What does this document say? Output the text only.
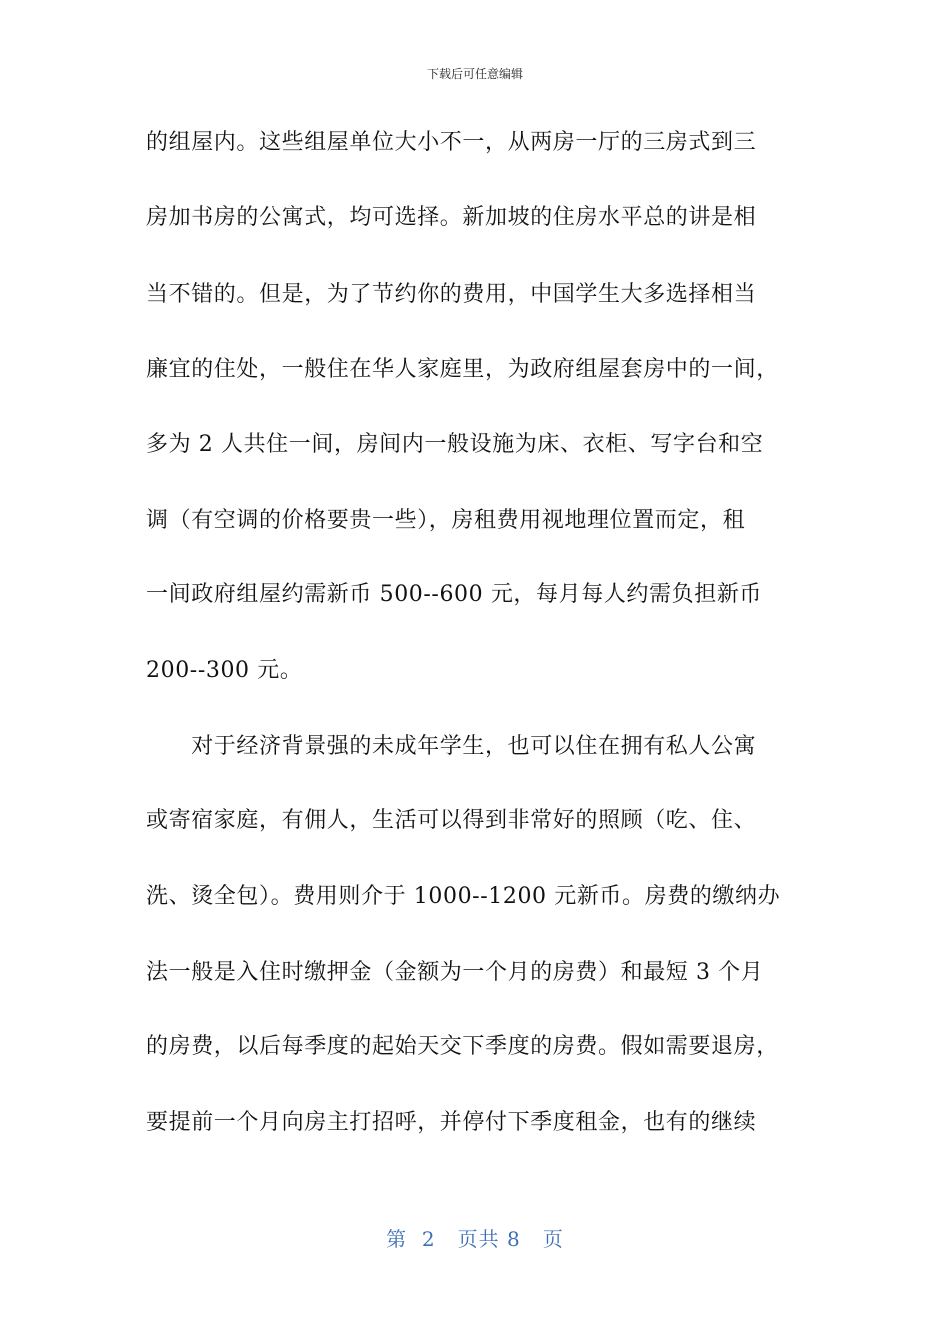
下载后可任意编辑
的组屋内。这些组屋单位大小不一，从两房一厅的三房式到三
房加书房的公寓式，均可选择。新加坡的住房水平总的讲是相
当不错的。但是，为了节约你的费用，中国学生大多选择相当
廉宜的住处，一般住在华人家庭里，为政府组屋套房中的一间，
多为 2 人共住一间，房间内一般设施为床、衣柜、写字台和空
调（有空调的价格要贵一些），房租费用视地理位置而定，租
一间政府组屋约需新币 500--600 元，每月每人约需负担新币
200--300 元。
　　对于经济背景强的未成年学生，也可以住在拥有私人公寓
或寄宿家庭，有佣人，生活可以得到非常好的照顾（吃、住、
洗、烫全包）。费用则介于 1000--1200 元新币。房费的缴纳办
法一般是入住时缴押金（金额为一个月的房费）和最短 3 个月
的房费，以后每季度的起始天交下季度的房费。假如需要退房，
要提前一个月向房主打招呼，并停付下季度租金，也有的继续
第  2   页共 8   页
